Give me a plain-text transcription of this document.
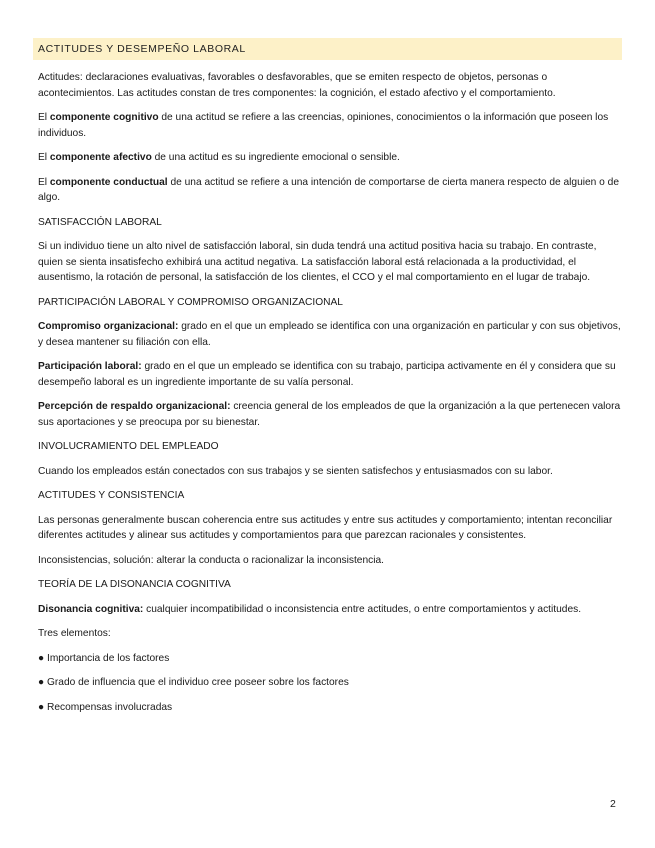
ACTITUDES Y DESEMPEÑO LABORAL

Actitudes: declaraciones evaluativas, favorables o desfavorables, que se emiten respecto de objetos, personas o acontecimientos. Las actitudes constan de tres componentes: la cognición, el estado afectivo y el comportamiento.

El componente cognitivo de una actitud se refiere a las creencias, opiniones, conocimientos o la información que poseen los individuos.

El componente afectivo de una actitud es su ingrediente emocional o sensible.

El componente conductual de una actitud se refiere a una intención de comportarse de cierta manera respecto de alguien o de algo.

SATISFACCIÓN LABORAL

Si un individuo tiene un alto nivel de satisfacción laboral, sin duda tendrá una actitud positiva hacia su trabajo. En contraste, quien se sienta insatisfecho exhibirá una actitud negativa. La satisfacción laboral está relacionada a la productividad, el ausentismo, la rotación de personal, la satisfacción de los clientes, el CCO y el mal comportamiento en el lugar de trabajo.

PARTICIPACIÓN LABORAL Y COMPROMISO ORGANIZACIONAL

Compromiso organizacional: grado en el que un empleado se identifica con una organización en particular y con sus objetivos, y desea mantener su filiación con ella.

Participación laboral: grado en el que un empleado se identifica con su trabajo, participa activamente en él y considera que su desempeño laboral es un ingrediente importante de su valía personal.

Percepción de respaldo organizacional: creencia general de los empleados de que la organización a la que pertenecen valora sus aportaciones y se preocupa por su bienestar.

INVOLUCRAMIENTO DEL EMPLEADO

Cuando los empleados están conectados con sus trabajos y se sienten satisfechos y entusiasmados con su labor.

ACTITUDES Y CONSISTENCIA

Las personas generalmente buscan coherencia entre sus actitudes y entre sus actitudes y comportamiento; intentan reconciliar diferentes actitudes y alinear sus actitudes y comportamientos para que parezcan racionales y consistentes.

Inconsistencias, solución: alterar la conducta o racionalizar la inconsistencia.

TEORÍA DE LA DISONANCIA COGNITIVA

Disonancia cognitiva: cualquier incompatibilidad o inconsistencia entre actitudes, o entre comportamientos y actitudes.

Tres elementos:

● Importancia de los factores
● Grado de influencia que el individuo cree poseer sobre los factores
● Recompensas involucradas
2
